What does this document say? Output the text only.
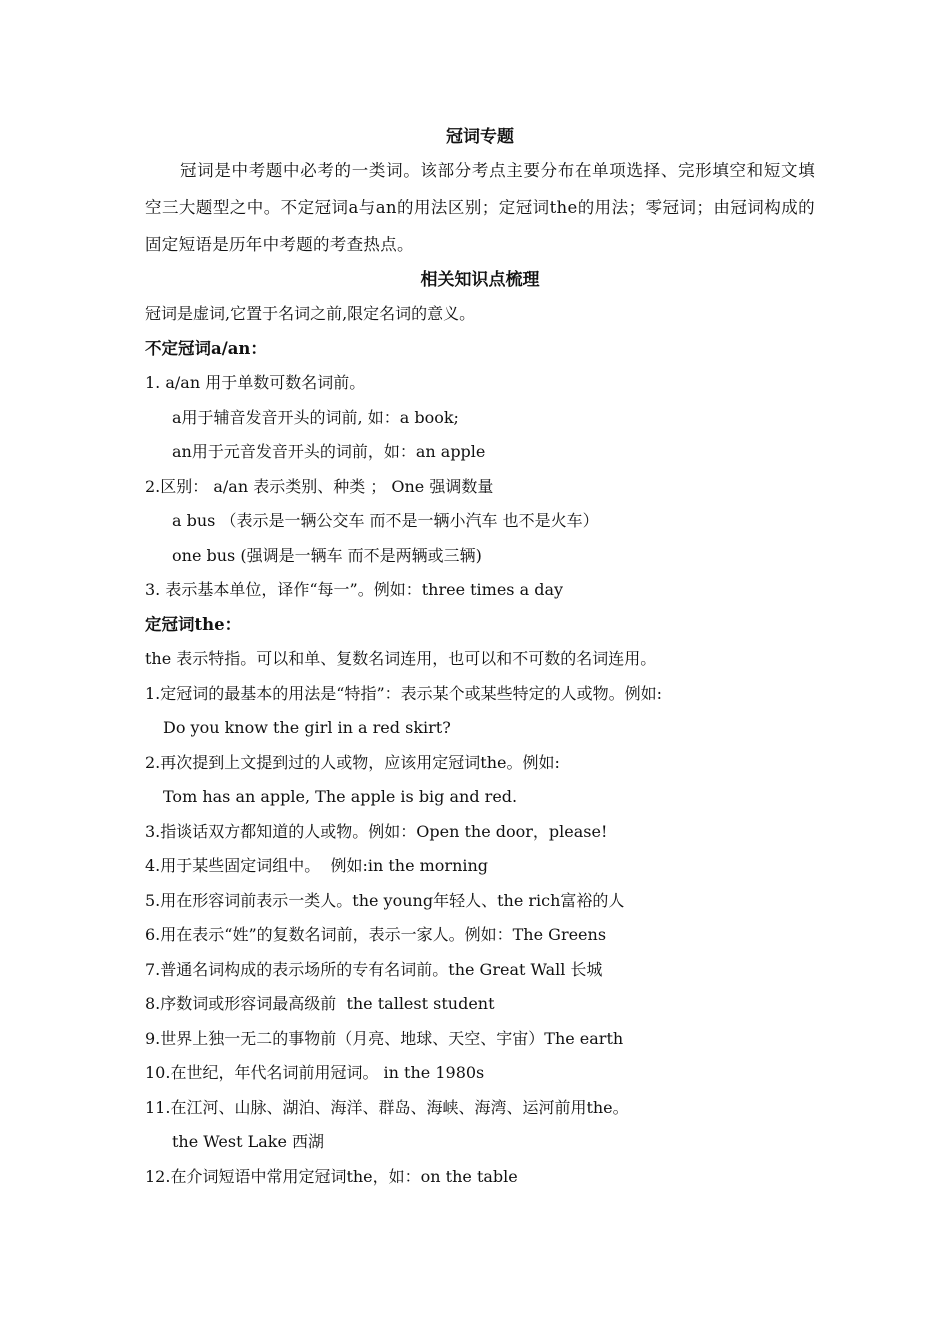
冠词专题
冠词是中考题中必考的一类词。该部分考点主要分布在单项选择、完形填空和短文填空三大题型之中。不定冠词a与an的用法区别；定冠词the的用法；零冠词；由冠词构成的固定短语是历年中考题的考查热点。
相关知识点梳理
冠词是虚词,它置于名词之前,限定名词的意义。
不定冠词a/an：
1. a/an 用于单数可数名词前。
a用于辅音发音开头的词前, 如：a book;
an用于元音发音开头的词前，如：an apple
2.区别： a/an 表示类别、种类 ； One 强调数量
a bus （表示是一辆公交车 而不是一辆小汽车 也不是火车）
one bus (强调是一辆车 而不是两辆或三辆)
3. 表示基本单位，译作“每一”。例如：three times a day
定冠词the：
the 表示特指。可以和单、复数名词连用，也可以和不可数的名词连用。
1.定冠词的最基本的用法是“特指”：表示某个或某些特定的人或物。例如:
Do you know the girl in a red skirt?
2.再次提到上文提到过的人或物，应该用定冠词the。例如:
Tom has an apple, The apple is big and red.
3.指谈话双方都知道的人或物。例如：Open the door，please!
4.用于某些固定词组中。  例如:in the morning
5.用在形容词前表示一类人。the young年轻人、the rich富裕的人
6.用在表示“姓”的复数名词前，表示一家人。例如：The Greens
7.普通名词构成的表示场所的专有名词前。the Great Wall 长城
8.序数词或形容词最高级前  the tallest student
9.世界上独一无二的事物前（月亮、地球、天空、宇宙）The earth
10.在世纪，年代名词前用冠词。 in the 1980s
11.在江河、山脉、湖泊、海洋、群岛、海峡、海湾、运河前用the。
the West Lake 西湖
12.在介词短语中常用定冠词the，如：on the table
